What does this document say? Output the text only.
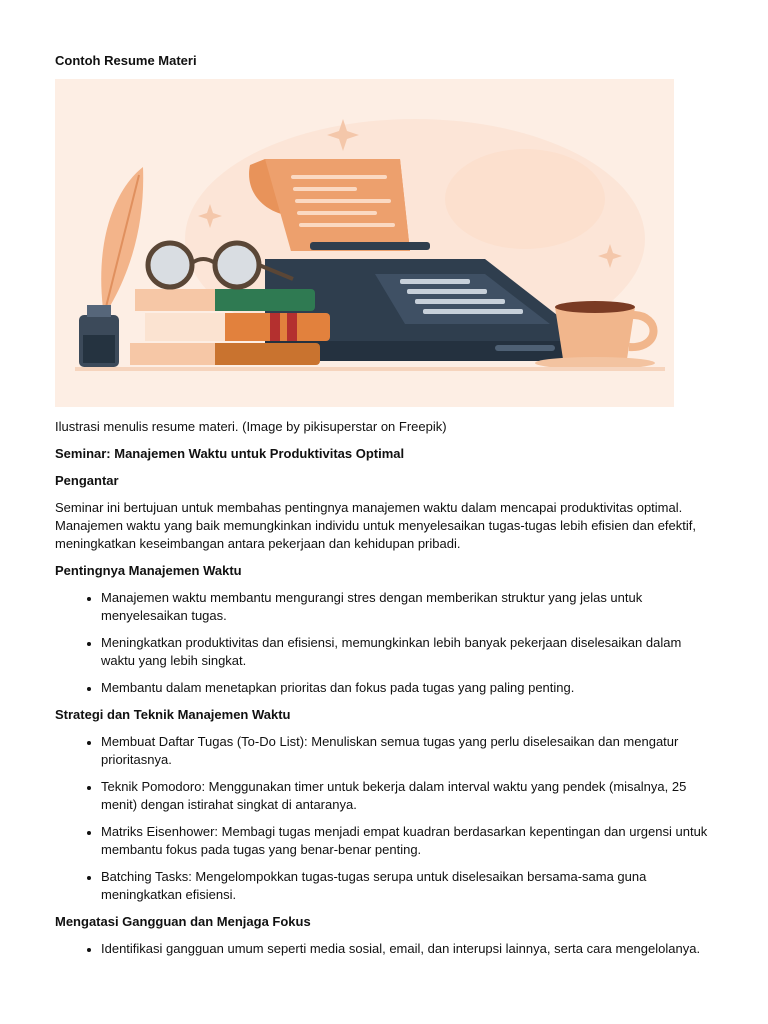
Contoh Resume Materi
Ilustrasi menulis resume materi. (Image by pikisuperstar on Freepik)
Seminar: Manajemen Waktu untuk Produktivitas Optimal
Pengantar
Seminar ini bertujuan untuk membahas pentingnya manajemen waktu dalam mencapai produktivitas optimal. Manajemen waktu yang baik memungkinkan individu untuk menyelesaikan tugas-tugas lebih efisien dan efektif, meningkatkan keseimbangan antara pekerjaan dan kehidupan pribadi.
Pentingnya Manajemen Waktu
• Manajemen waktu membantu mengurangi stres dengan memberikan struktur yang jelas untuk menyelesaikan tugas.
• Meningkatkan produktivitas dan efisiensi, memungkinkan lebih banyak pekerjaan diselesaikan dalam waktu yang lebih singkat.
• Membantu dalam menetapkan prioritas dan fokus pada tugas yang paling penting.
Strategi dan Teknik Manajemen Waktu
• Membuat Daftar Tugas (To-Do List): Menuliskan semua tugas yang perlu diselesaikan dan mengatur prioritasnya.
• Teknik Pomodoro: Menggunakan timer untuk bekerja dalam interval waktu yang pendek (misalnya, 25 menit) dengan istirahat singkat di antaranya.
• Matriks Eisenhower: Membagi tugas menjadi empat kuadran berdasarkan kepentingan dan urgensi untuk membantu fokus pada tugas yang benar-benar penting.
• Batching Tasks: Mengelompokkan tugas-tugas serupa untuk diselesaikan bersama-sama guna meningkatkan efisiensi.
Mengatasi Gangguan dan Menjaga Fokus
• Identifikasi gangguan umum seperti media sosial, email, dan interupsi lainnya, serta cara mengelolanya.
